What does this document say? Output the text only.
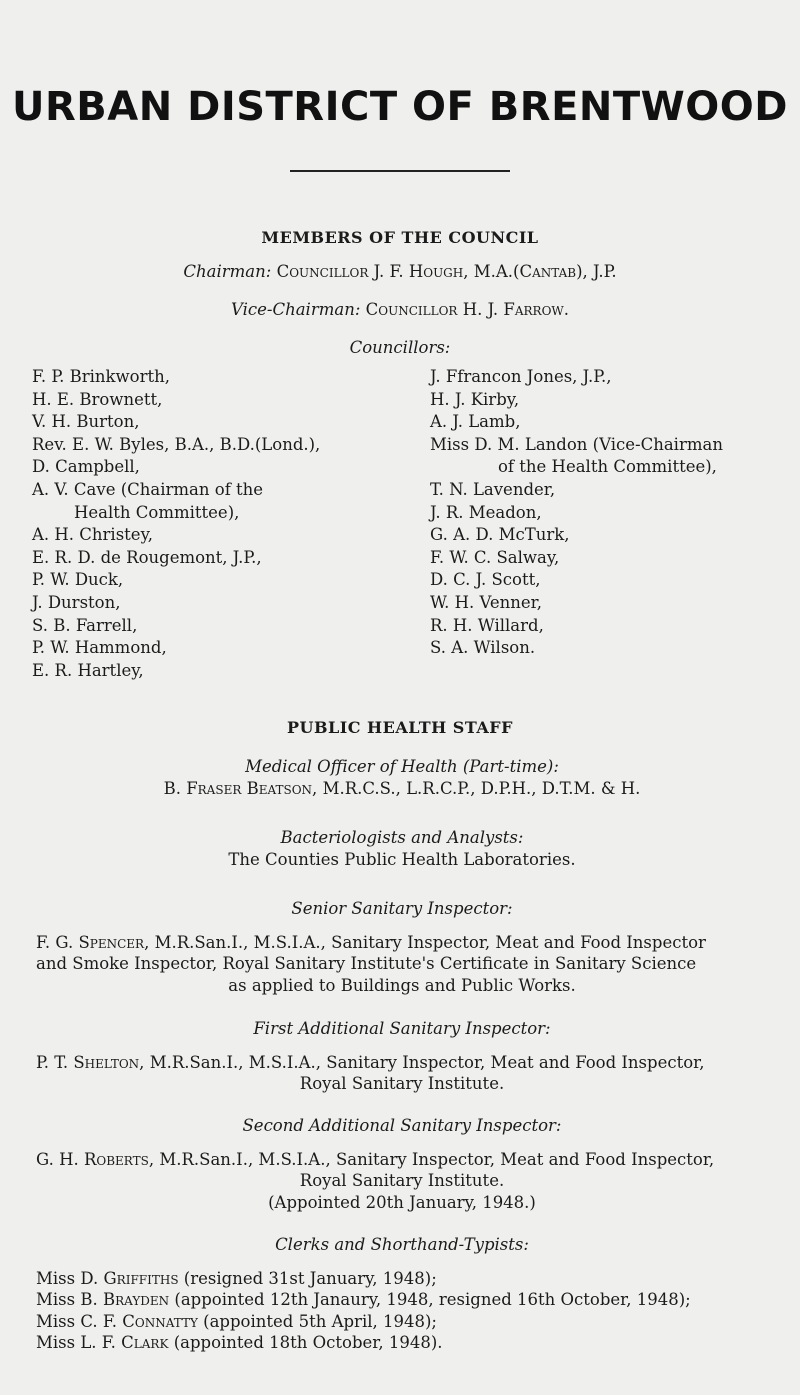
URBAN DISTRICT OF BRENTWOOD
MEMBERS OF THE COUNCIL
Chairman: Councillor J. F. Hough, M.A.(Cantab), J.P.
Vice-Chairman: Councillor H. J. Farrow.
Councillors:
F. P. Brinkworth,
H. E. Brownett,
V. H. Burton,
Rev. E. W. Byles, B.A., B.D.(Lond.),
D. Campbell,
A. V. Cave (Chairman of the
Health Committee),
A. H. Christey,
E. R. D. de Rougemont, J.P.,
P. W. Duck,
J. Durston,
S. B. Farrell,
P. W. Hammond,
E. R. Hartley,
J. Ffrancon Jones, J.P.,
H. J. Kirby,
A. J. Lamb,
Miss D. M. Landon (Vice-Chairman
of the Health Committee),
T. N. Lavender,
J. R. Meadon,
G. A. D. McTurk,
F. W. C. Salway,
D. C. J. Scott,
W. H. Venner,
R. H. Willard,
S. A. Wilson.
PUBLIC HEALTH STAFF
Medical Officer of Health (Part-time):
B. Fraser Beatson, M.R.C.S., L.R.C.P., D.P.H., D.T.M. & H.
Bacteriologists and Analysts:
The Counties Public Health Laboratories.
Senior Sanitary Inspector:
F. G. Spencer, M.R.San.I., M.S.I.A., Sanitary Inspector, Meat and Food Inspector
and Smoke Inspector, Royal Sanitary Institute's Certificate in Sanitary Science
as applied to Buildings and Public Works.
First Additional Sanitary Inspector:
P. T. Shelton, M.R.San.I., M.S.I.A., Sanitary Inspector, Meat and Food Inspector,
Royal Sanitary Institute.
Second Additional Sanitary Inspector:
G. H. Roberts, M.R.San.I., M.S.I.A., Sanitary Inspector, Meat and Food Inspector,
Royal Sanitary Institute.
(Appointed 20th January, 1948.)
Clerks and Shorthand-Typists:
Miss D. Griffiths (resigned 31st January, 1948);
Miss B. Brayden (appointed 12th Janaury, 1948, resigned 16th October, 1948);
Miss C. F. Connatty (appointed 5th April, 1948);
Miss L. F. Clark (appointed 18th October, 1948).
